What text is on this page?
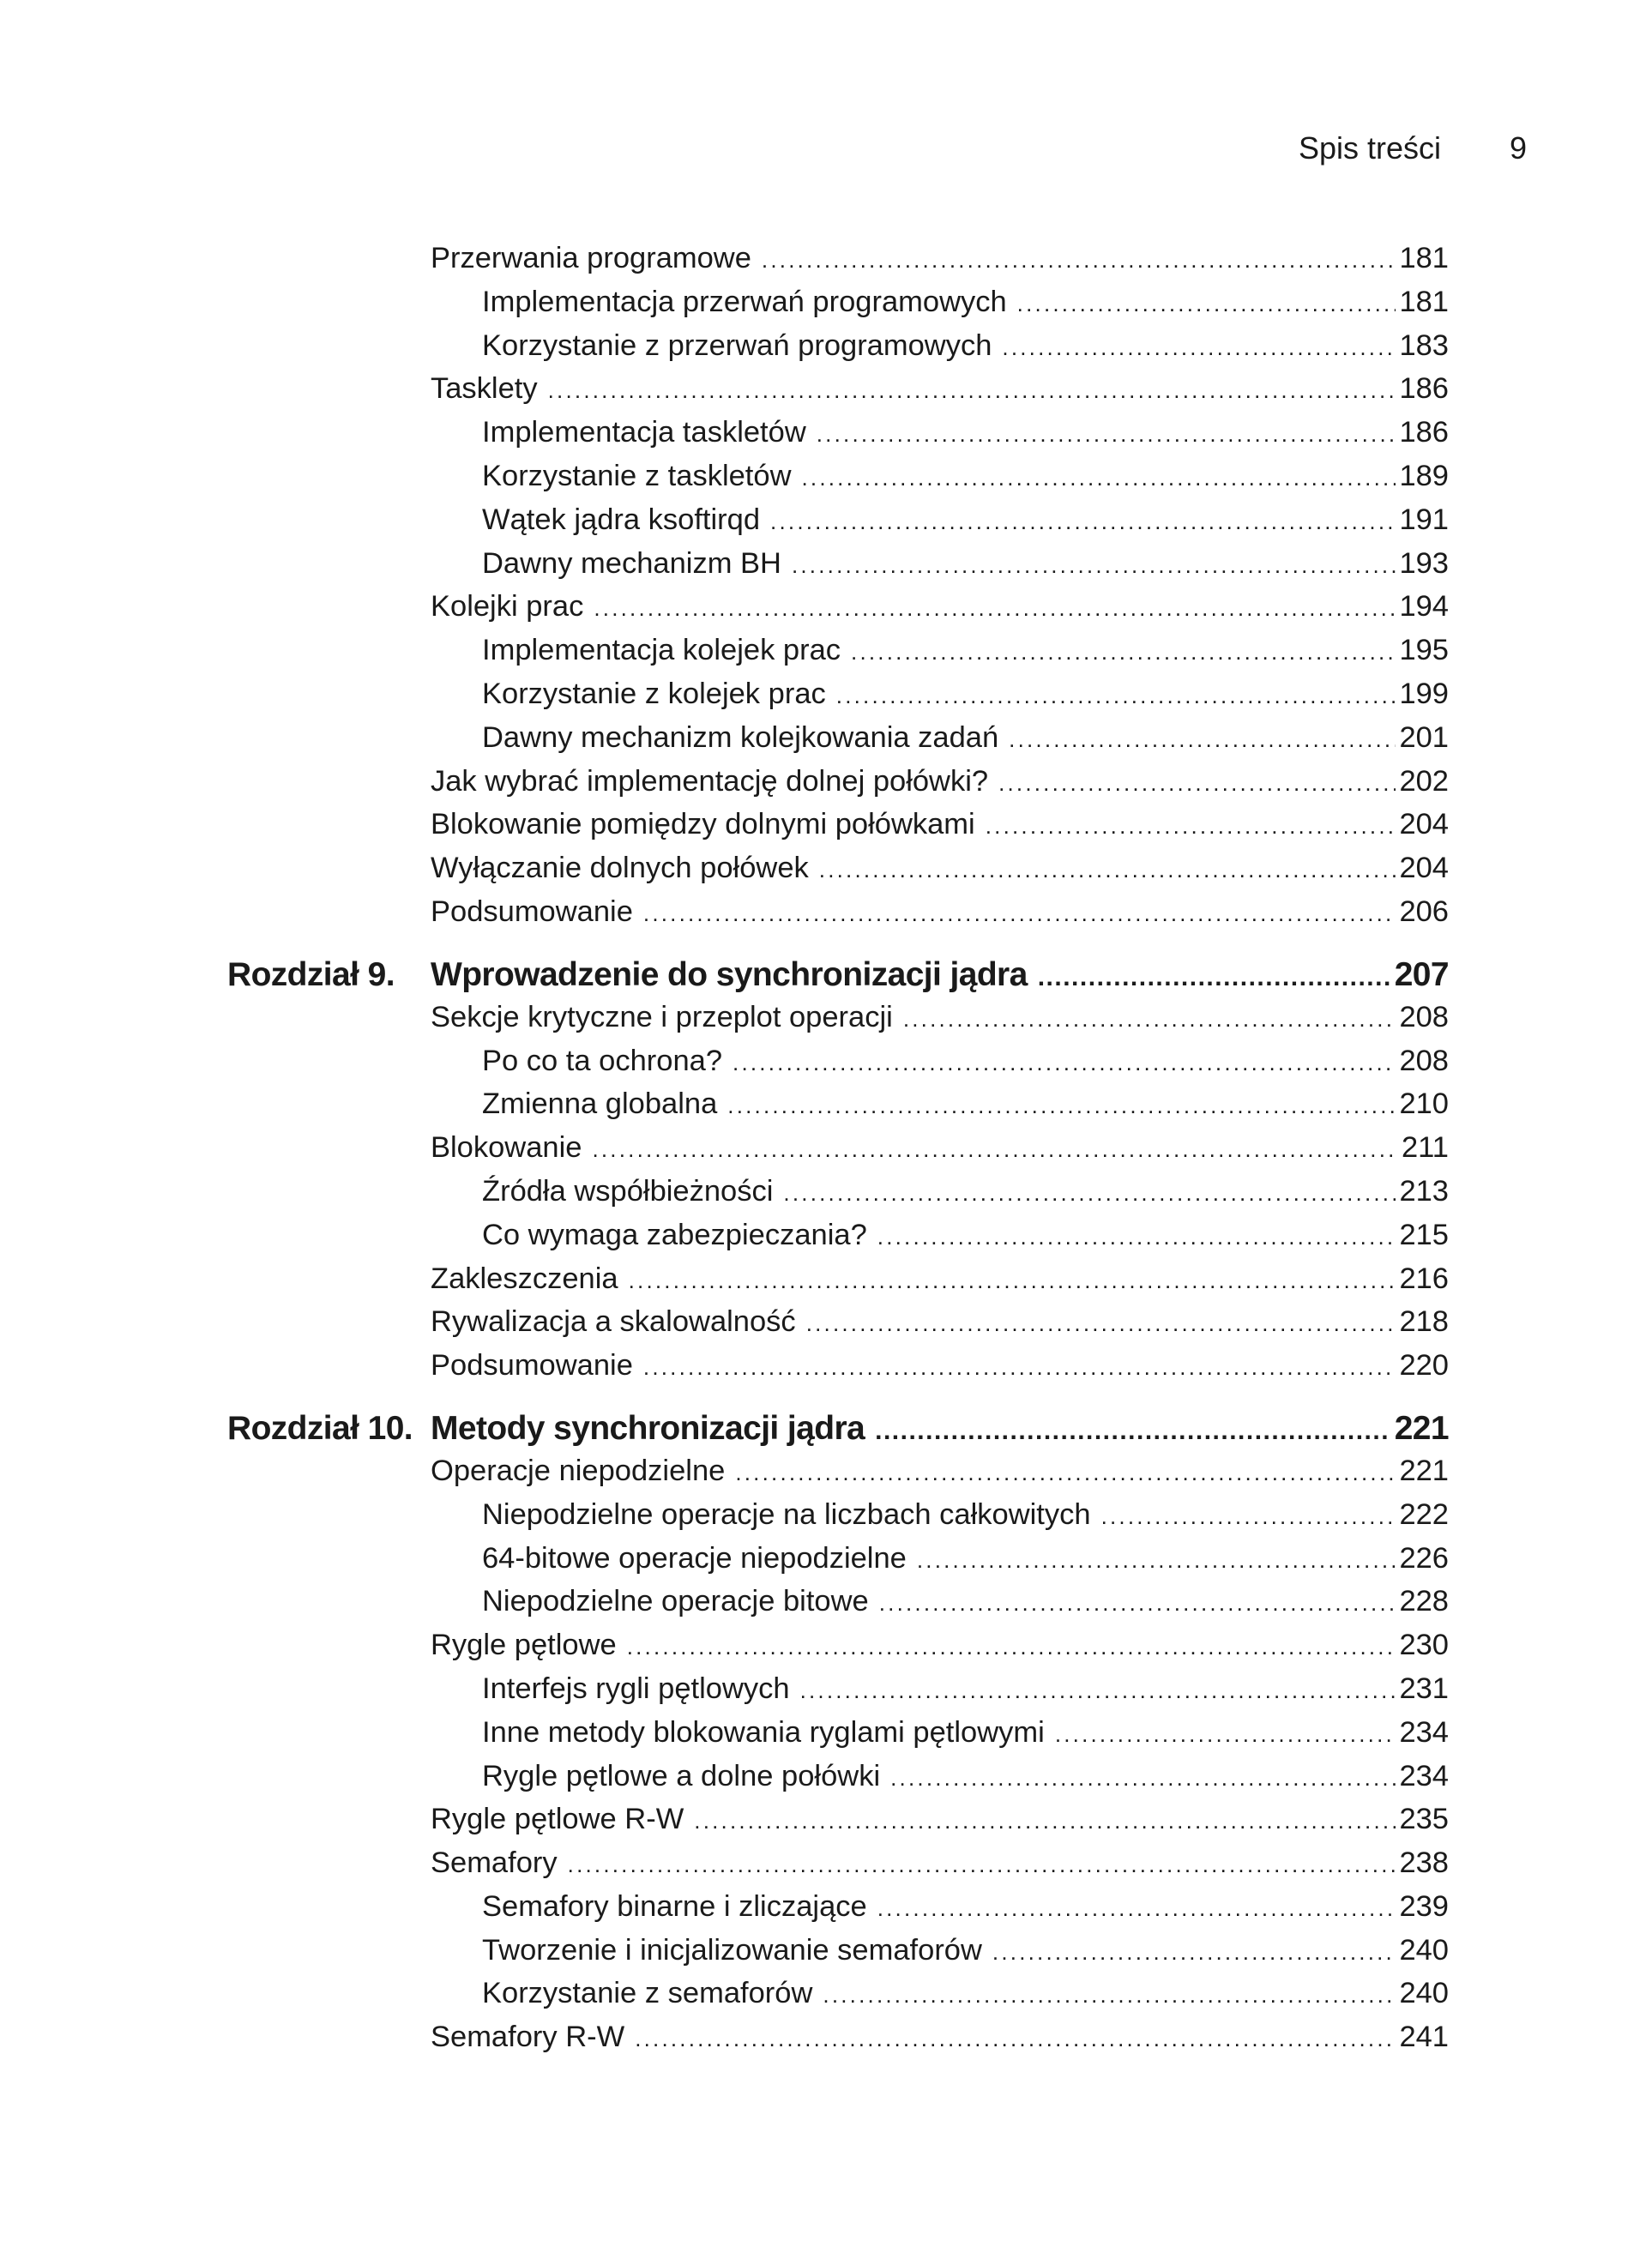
Spis treści 9
Przerwania programowe .....	181
Implementacja przerwań programowych .....	181
Korzystanie z przerwań programowych .....	183
Tasklety .....	186
Implementacja taskletów .....	186
Korzystanie z taskletów .....	189
Wątek jądra ksoftirqd .....	191
Dawny mechanizm BH .....	193
Kolejki prac .....	194
Implementacja kolejek prac .....	195
Korzystanie z kolejek prac .....	199
Dawny mechanizm kolejkowania zadań .....	201
Jak wybrać implementację dolnej połówki? .....	202
Blokowanie pomiędzy dolnymi połówkami .....	204
Wyłączanie dolnych połówek .....	204
Podsumowanie .....	206
Rozdział 9.	Wprowadzenie do synchronizacji jądra .....	207
Sekcje krytyczne i przeplot operacji .....	208
Po co ta ochrona? .....	208
Zmienna globalna .....	210
Blokowanie .....	211
Źródła współbieżności .....	213
Co wymaga zabezpieczania? .....	215
Zakleszczenia .....	216
Rywalizacja a skalowalność .....	218
Podsumowanie .....	220
Rozdział 10. Metody synchronizacji jądra .....	221
Operacje niepodzielne .....	221
Niepodzielne operacje na liczbach całkowitych .....	222
64-bitowe operacje niepodzielne .....	226
Niepodzielne operacje bitowe .....	228
Rygle pętlowe .....	230
Interfejs rygli pętlowych .....	231
Inne metody blokowania ryglami pętlowymi .....	234
Rygle pętlowe a dolne połówki .....	234
Rygle pętlowe R-W .....	235
Semafory .....	238
Semafory binarne i zliczające .....	239
Tworzenie i inicjalizowanie semaforów .....	240
Korzystanie z semaforów .....	240
Semafory R-W .....	241
